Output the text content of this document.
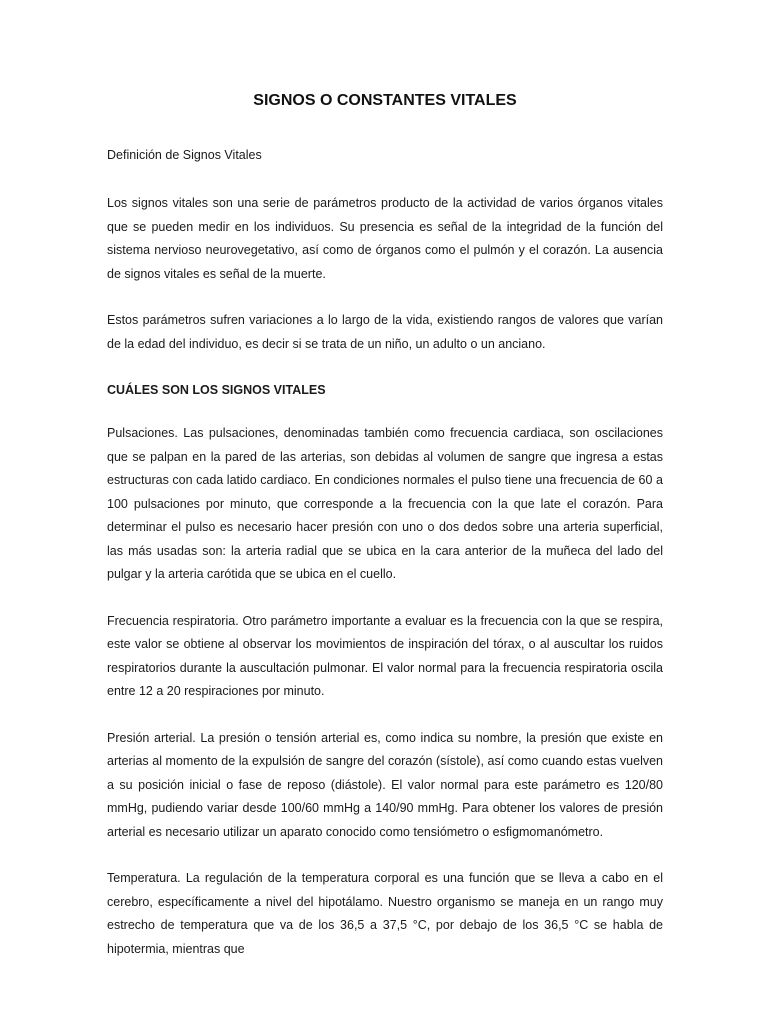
SIGNOS O CONSTANTES VITALES
Definición de Signos Vitales

Los signos vitales son una serie de parámetros producto de la actividad de varios órganos vitales que se pueden medir en los individuos. Su presencia es señal de la integridad de la función del sistema nervioso neurovegetativo, así como de órganos como el pulmón y el corazón. La ausencia de signos vitales es señal de la muerte.

Estos parámetros sufren variaciones a lo largo de la vida, existiendo rangos de valores que varían de la edad del individuo, es decir si se trata de un niño, un adulto o un anciano.

CUÁLES SON LOS SIGNOS VITALES

Pulsaciones. Las pulsaciones, denominadas también como frecuencia cardiaca, son oscilaciones que se palpan en la pared de las arterias, son debidas al volumen de sangre que ingresa a estas estructuras con cada latido cardiaco. En condiciones normales el pulso tiene una frecuencia de 60 a 100 pulsaciones por minuto, que corresponde a la frecuencia con la que late el corazón. Para determinar el pulso es necesario hacer presión con uno o dos dedos sobre una arteria superficial, las más usadas son: la arteria radial que se ubica en la cara anterior de la muñeca del lado del pulgar y la arteria carótida que se ubica en el cuello.

Frecuencia respiratoria. Otro parámetro importante a evaluar es la frecuencia con la que se respira, este valor se obtiene al observar los movimientos de inspiración del tórax, o al auscultar los ruidos respiratorios durante la auscultación pulmonar. El valor normal para la frecuencia respiratoria oscila entre 12 a 20 respiraciones por minuto.

Presión arterial. La presión o tensión arterial es, como indica su nombre, la presión que existe en arterias al momento de la expulsión de sangre del corazón (sístole), así como cuando estas vuelven a su posición inicial o fase de reposo (diástole). El valor normal para este parámetro es 120/80 mmHg, pudiendo variar desde 100/60 mmHg a 140/90 mmHg. Para obtener los valores de presión arterial es necesario utilizar un aparato conocido como tensiómetro o esfigmomanómetro.

Temperatura. La regulación de la temperatura corporal es una función que se lleva a cabo en el cerebro, específicamente a nivel del hipotálamo. Nuestro organismo se maneja en un rango muy estrecho de temperatura que va de los 36,5 a 37,5 °C, por debajo de los 36,5 °C se habla de hipotermia, mientras que
